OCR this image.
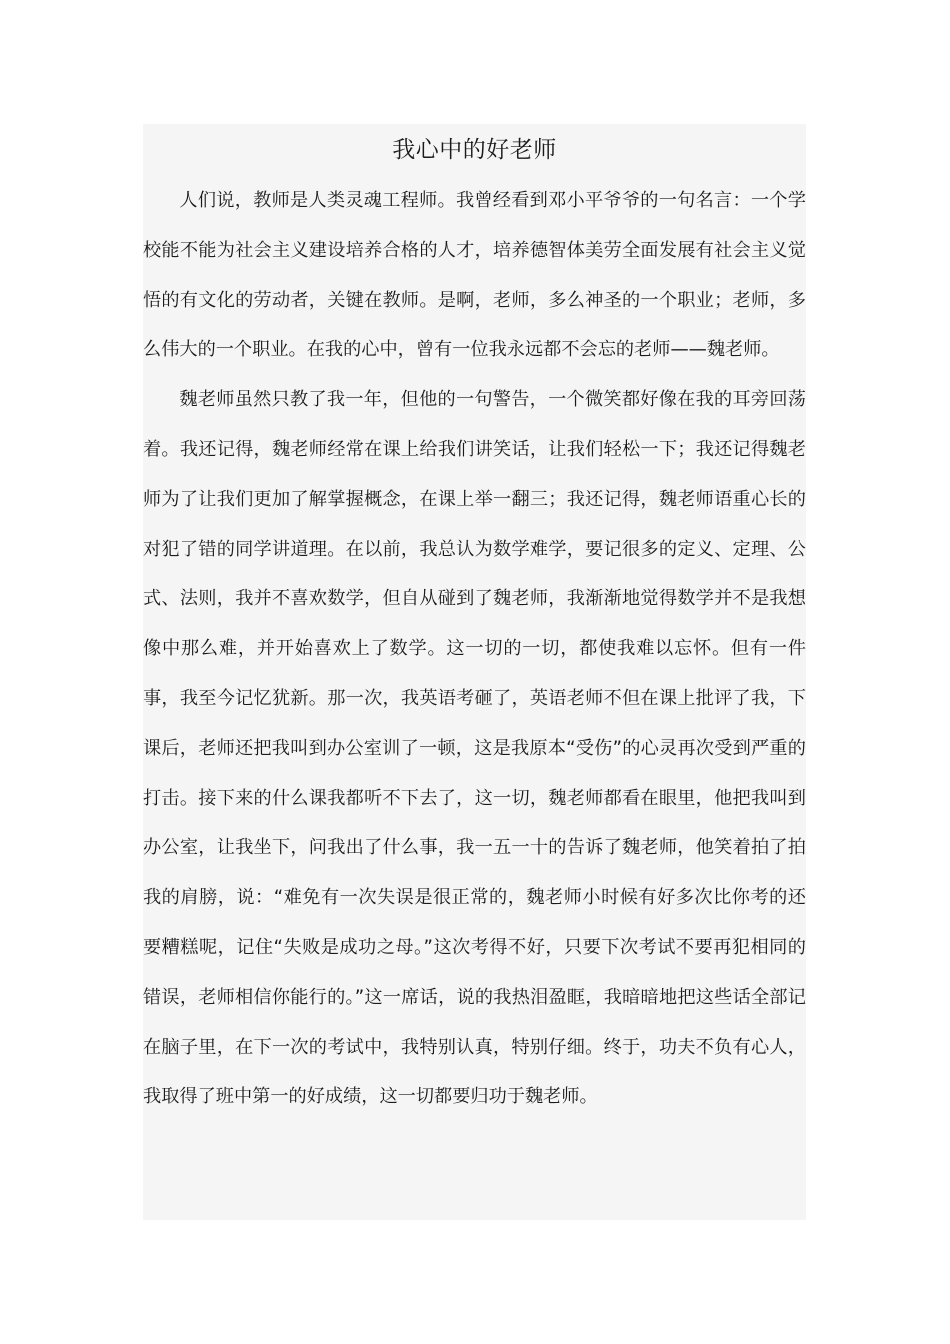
我心中的好老师

人们说，教师是人类灵魂工程师。我曾经看到邓小平爷爷的一句名言：一个学校能不能为社会主义建设培养合格的人才，培养德智体美劳全面发展有社会主义觉悟的有文化的劳动者，关键在教师。是啊，老师，多么神圣的一个职业；老师，多么伟大的一个职业。在我的心中，曾有一位我永远都不会忘的老师——魏老师。

魏老师虽然只教了我一年，但他的一句警告，一个微笑都好像在我的耳旁回荡着。我还记得，魏老师经常在课上给我们讲笑话，让我们轻松一下；我还记得魏老师为了让我们更加了解掌握概念，在课上举一翻三；我还记得，魏老师语重心长的对犯了错的同学讲道理。在以前，我总认为数学难学，要记很多的定义、定理、公式、法则，我并不喜欢数学，但自从碰到了魏老师，我渐渐地觉得数学并不是我想像中那么难，并开始喜欢上了数学。这一切的一切，都使我难以忘怀。但有一件事，我至今记忆犹新。那一次，我英语考砸了，英语老师不但在课上批评了我，下课后，老师还把我叫到办公室训了一顿，这是我原本“受伤”的心灵再次受到严重的打击。接下来的什么课我都听不下去了，这一切，魏老师都看在眼里，他把我叫到办公室，让我坐下，问我出了什么事，我一五一十的告诉了魏老师，他笑着拍了拍我的肩膀，说：“难免有一次失误是很正常的，魏老师小时候有好多次比你考的还要糟糕呢，记住“失败是成功之母。”这次考得不好，只要下次考试不要再犯相同的错误，老师相信你能行的。”这一席话，说的我热泪盈眶，我暗暗地把这些话全部记在脑子里，在下一次的考试中，我特别认真，特别仔细。终于，功夫不负有心人，我取得了班中第一的好成绩，这一切都要归功于魏老师。
